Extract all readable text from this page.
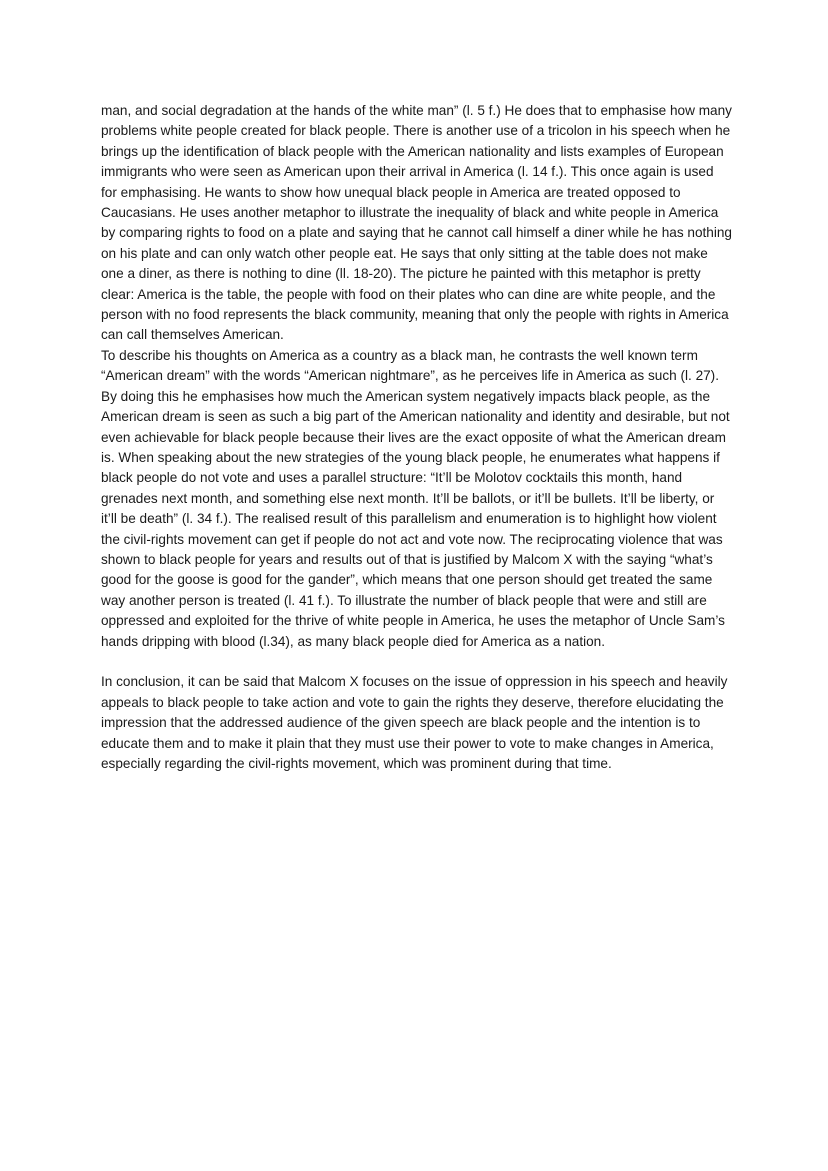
man, and social degradation at the hands of the white man” (l. 5 f.) He does that to emphasise how many problems white people created for black people. There is another use of a tricolon in his speech when he brings up the identification of black people with the American nationality and lists examples of European immigrants who were seen as American upon their arrival in America (l. 14 f.). This once again is used for emphasising. He wants to show how unequal black people in America are treated opposed to Caucasians. He uses another metaphor to illustrate the inequality of black and white people in America by comparing rights to food on a plate and saying that he cannot call himself a diner while he has nothing on his plate and can only watch other people eat. He says that only sitting at the table does not make one a diner, as there is nothing to dine (ll. 18-20). The picture he painted with this metaphor is pretty clear: America is the table, the people with food on their plates who can dine are white people, and the person with no food represents the black community, meaning that only the people with rights in America can call themselves American.

To describe his thoughts on America as a country as a black man, he contrasts the well known term “American dream” with the words “American nightmare”, as he perceives life in America as such (l. 27). By doing this he emphasises how much the American system negatively impacts black people, as the American dream is seen as such a big part of the American nationality and identity and desirable, but not even achievable for black people because their lives are the exact opposite of what the American dream is. When speaking about the new strategies of the young black people, he enumerates what happens if black people do not vote and uses a parallel structure: “It’ll be Molotov cocktails this month, hand grenades next month, and something else next month. It’ll be ballots, or it’ll be bullets. It’ll be liberty, or it’ll be death” (l. 34 f.). The realised result of this parallelism and enumeration is to highlight how violent the civil-rights movement can get if people do not act and vote now. The reciprocating violence that was shown to black people for years and results out of that is justified by Malcom X with the saying “what’s good for the goose is good for the gander”, which means that one person should get treated the same way another person is treated (l. 41 f.). To illustrate the number of black people that were and still are oppressed and exploited for the thrive of white people in America, he uses the metaphor of Uncle Sam’s hands dripping with blood (l.34), as many black people died for America as a nation.

In conclusion, it can be said that Malcom X focuses on the issue of oppression in his speech and heavily appeals to black people to take action and vote to gain the rights they deserve, therefore elucidating the impression that the addressed audience of the given speech are black people and the intention is to educate them and to make it plain that they must use their power to vote to make changes in America, especially regarding the civil-rights movement, which was prominent during that time.
